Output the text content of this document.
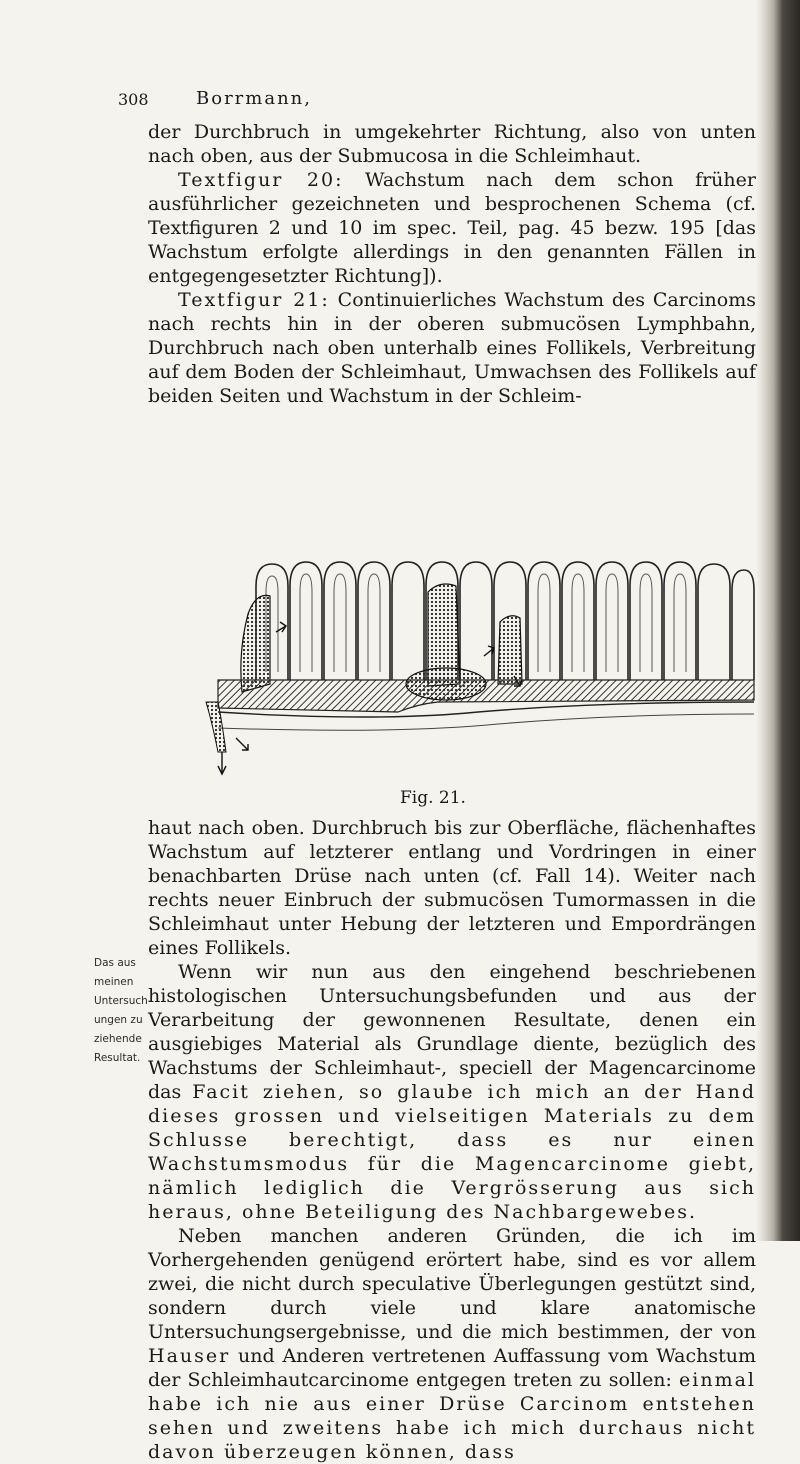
308	Borrmann,

der Durchbruch in umgekehrter Richtung, also von unten nach oben, aus der Submucosa in die Schleimhaut.

Textfigur 20: Wachstum nach dem schon früher ausführlicher gezeichneten und besprochenen Schema (cf. Textfiguren 2 und 10 im spec. Teil, pag. 45 bezw. 195 [das Wachstum erfolgte allerdings in den genannten Fällen in entgegengesetzter Richtung]).

Textfigur 21: Continuierliches Wachstum des Carcinoms nach rechts hin in der oberen submucösen Lymphbahn, Durchbruch nach oben unterhalb eines Follikels, Verbreitung auf dem Boden der Schleimhaut, Umwachsen des Follikels auf beiden Seiten und Wachstum in der Schleim-

Fig. 21.

haut nach oben. Durchbruch bis zur Oberfläche, flächenhaftes Wachstum auf letzterer entlang und Vordringen in einer benachbarten Drüse nach unten (cf. Fall 14). Weiter nach rechts neuer Einbruch der submucösen Tumormassen in die Schleimhaut unter Hebung der letzteren und Empordrängen eines Follikels.

Wenn wir nun aus den eingehend beschriebenen histologischen Untersuchungsbefunden und aus der Verarbeitung der gewonnenen Resultate, denen ein ausgiebiges Material als Grundlage diente, bezüglich des Wachstums der Schleimhaut-, speciell der Magencarcinome das Facit ziehen, so glaube ich mich an der Hand dieses grossen und vielseitigen Materials zu dem Schlusse berechtigt, dass es nur einen Wachstumsmodus für die Magencarcinome giebt, nämlich lediglich die Vergrösserung aus sich heraus, ohne Beteiligung des Nachbargewebes.

Neben manchen anderen Gründen, die ich im Vorhergehenden genügend erörtert habe, sind es vor allem zwei, die nicht durch speculative Überlegungen gestützt sind, sondern durch viele und klare anatomische Untersuchungsergebnisse, und die mich bestimmen, der von Hauser und Anderen vertretenen Auffassung vom Wachstum der Schleimhautcarcinome entgegen treten zu sollen: einmal habe ich nie aus einer Drüse Carcinom entstehen sehen und zweitens habe ich mich durchaus nicht davon überzeugen können, dass

Das aus
meinen
Untersuch-
ungen zu
ziehende
Resultat.
